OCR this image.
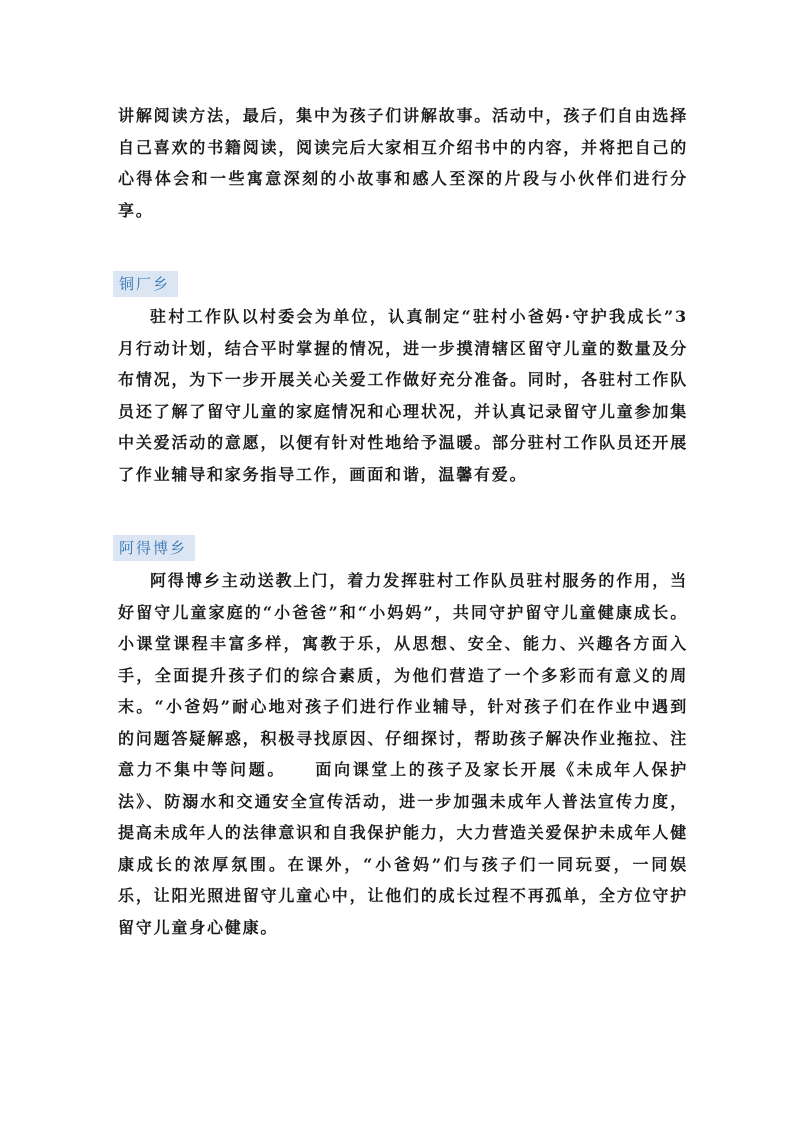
讲解阅读方法，最后，集中为孩子们讲解故事。活动中，孩子们自由选择自己喜欢的书籍阅读，阅读完后大家相互介绍书中的内容，并将把自己的心得体会和一些寓意深刻的小故事和感人至深的片段与小伙伴们进行分享。

铜厂乡

驻村工作队以村委会为单位，认真制定“驻村小爸妈·守护我成长”3月行动计划，结合平时掌握的情况，进一步摸清辖区留守儿童的数量及分布情况，为下一步开展关心关爱工作做好充分准备。同时，各驻村工作队员还了解了留守儿童的家庭情况和心理状况，并认真记录留守儿童参加集中关爱活动的意愿，以便有针对性地给予温暖。部分驻村工作队员还开展了作业辅导和家务指导工作，画面和谐，温馨有爱。

阿得博乡

阿得博乡主动送教上门，着力发挥驻村工作队员驻村服务的作用，当好留守儿童家庭的“小爸爸”和“小妈妈”，共同守护留守儿童健康成长。小课堂课程丰富多样，寓教于乐，从思想、安全、能力、兴趣各方面入手，全面提升孩子们的综合素质，为他们营造了一个多彩而有意义的周末。“小爸妈”耐心地对孩子们进行作业辅导，针对孩子们在作业中遇到的问题答疑解惑，积极寻找原因、仔细探讨，帮助孩子解决作业拖拉、注意力不集中等问题。　　面向课堂上的孩子及家长开展《未成年人保护法》、防溺水和交通安全宣传活动，进一步加强未成年人普法宣传力度，提高未成年人的法律意识和自我保护能力，大力营造关爱保护未成年人健康成长的浓厚氛围。在课外，“小爸妈”们与孩子们一同玩耍，一同娱乐，让阳光照进留守儿童心中，让他们的成长过程不再孤单，全方位守护留守儿童身心健康。
